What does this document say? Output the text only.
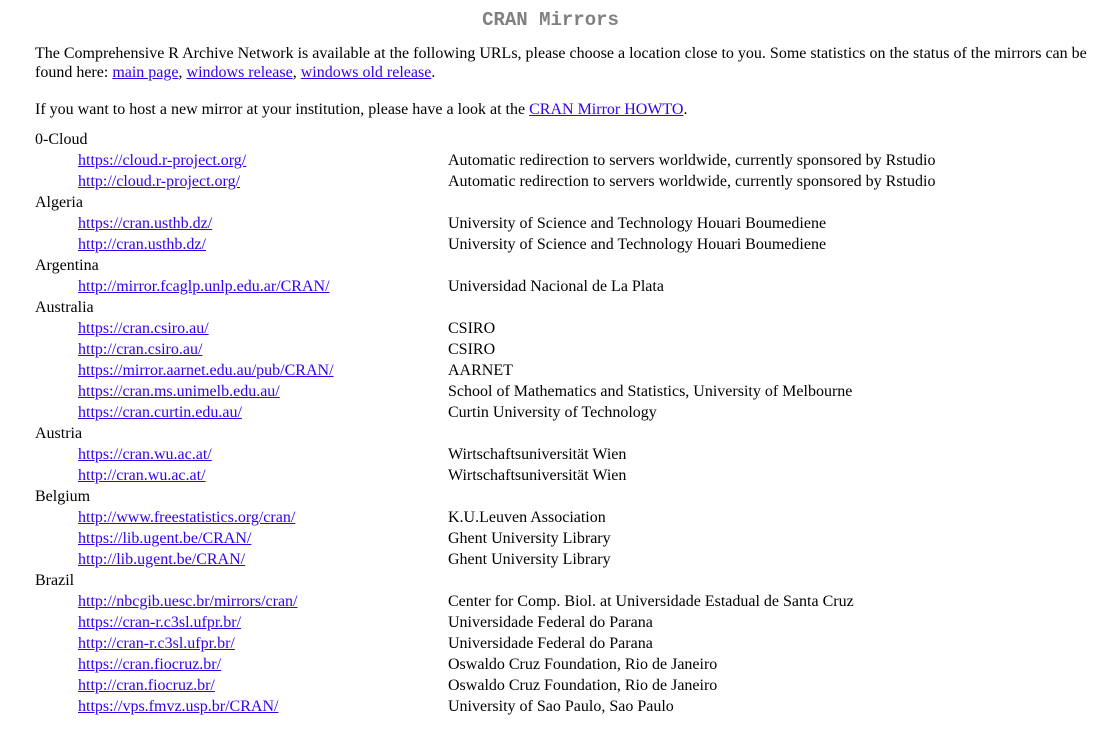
CRAN Mirrors

The Comprehensive R Archive Network is available at the following URLs, please choose a location close to you. Some statistics on the status of the mirrors can be found here: main page, windows release, windows old release.

If you want to host a new mirror at your institution, please have a look at the CRAN Mirror HOWTO.

0-Cloud	
https://cloud.r-project.org/	Automatic redirection to servers worldwide, currently sponsored by Rstudio
http://cloud.r-project.org/	Automatic redirection to servers worldwide, currently sponsored by Rstudio
Algeria	
https://cran.usthb.dz/	University of Science and Technology Houari Boumediene
http://cran.usthb.dz/	University of Science and Technology Houari Boumediene
Argentina	
http://mirror.fcaglp.unlp.edu.ar/CRAN/	Universidad Nacional de La Plata
Australia	
https://cran.csiro.au/	CSIRO
http://cran.csiro.au/	CSIRO
https://mirror.aarnet.edu.au/pub/CRAN/	AARNET
https://cran.ms.unimelb.edu.au/	School of Mathematics and Statistics, University of Melbourne
https://cran.curtin.edu.au/	Curtin University of Technology
Austria	
https://cran.wu.ac.at/	Wirtschaftsuniversität Wien
http://cran.wu.ac.at/	Wirtschaftsuniversität Wien
Belgium	
http://www.freestatistics.org/cran/	K.U.Leuven Association
https://lib.ugent.be/CRAN/	Ghent University Library
http://lib.ugent.be/CRAN/	Ghent University Library
Brazil	
http://nbcgib.uesc.br/mirrors/cran/	Center for Comp. Biol. at Universidade Estadual de Santa Cruz
https://cran-r.c3sl.ufpr.br/	Universidade Federal do Parana
http://cran-r.c3sl.ufpr.br/	Universidade Federal do Parana
https://cran.fiocruz.br/	Oswaldo Cruz Foundation, Rio de Janeiro
http://cran.fiocruz.br/	Oswaldo Cruz Foundation, Rio de Janeiro
https://vps.fmvz.usp.br/CRAN/	University of Sao Paulo, Sao Paulo
